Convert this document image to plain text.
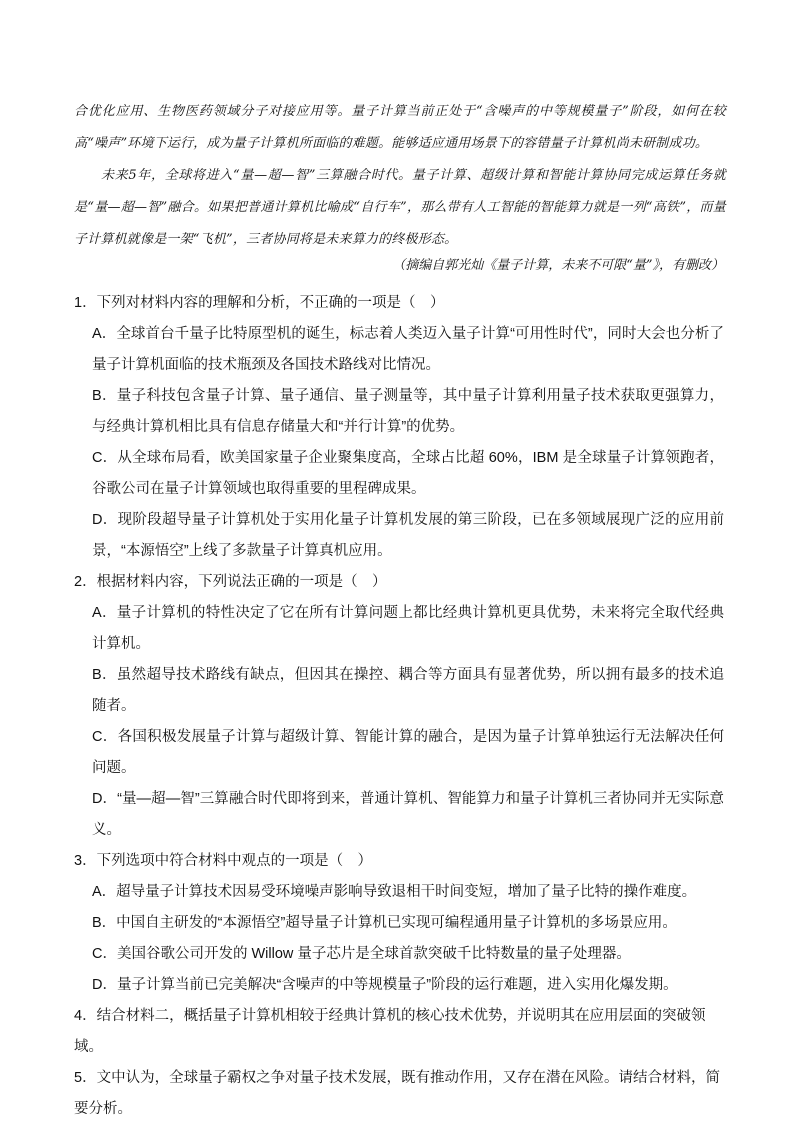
合优化应用、生物医药领域分子对接应用等。量子计算当前正处于“含噪声的中等规模量子”阶段，如何在较高“噪声”环境下运行，成为量子计算机所面临的难题。能够适应通用场景下的容错量子计算机尚未研制成功。

未来5年，全球将进入“量—超—智”三算融合时代。量子计算、超级计算和智能计算协同完成运算任务就是“量—超—智”融合。如果把普通计算机比喻成“自行车”，那么带有人工智能的智能算力就是一列“高铁”，而量子计算机就像是一架“飞机”，三者协同将是未来算力的终极形态。

（摘编自郭光灿《量子计算，未来不可限“量”》，有删改）

1．下列对材料内容的理解和分析，不正确的一项是（　）

A．全球首台千量子比特原型机的诞生，标志着人类迈入量子计算“可用性时代”，同时大会也分析了量子计算机面临的技术瓶颈及各国技术路线对比情况。

B．量子科技包含量子计算、量子通信、量子测量等，其中量子计算利用量子技术获取更强算力，与经典计算机相比具有信息存储量大和“并行计算”的优势。

C．从全球布局看，欧美国家量子企业聚集度高，全球占比超 60%，IBM 是全球量子计算领跑者，谷歌公司在量子计算领域也取得重要的里程碑成果。

D．现阶段超导量子计算机处于实用化量子计算机发展的第三阶段，已在多领域展现广泛的应用前景，“本源悟空”上线了多款量子计算真机应用。

2．根据材料内容，下列说法正确的一项是（　）

A．量子计算机的特性决定了它在所有计算问题上都比经典计算机更具优势，未来将完全取代经典计算机。

B．虽然超导技术路线有缺点，但因其在操控、耦合等方面具有显著优势，所以拥有最多的技术追随者。

C．各国积极发展量子计算与超级计算、智能计算的融合，是因为量子计算单独运行无法解决任何问题。

D．“量—超—智”三算融合时代即将到来，普通计算机、智能算力和量子计算机三者协同并无实际意义。

3．下列选项中符合材料中观点的一项是（　）

A．超导量子计算技术因易受环境噪声影响导致退相干时间变短，增加了量子比特的操作难度。

B．中国自主研发的“本源悟空”超导量子计算机已实现可编程通用量子计算机的多场景应用。

C．美国谷歌公司开发的 Willow 量子芯片是全球首款突破千比特数量的量子处理器。

D．量子计算当前已完美解决“含噪声的中等规模量子”阶段的运行难题，进入实用化爆发期。

4．结合材料二，概括量子计算机相较于经典计算机的核心技术优势，并说明其在应用层面的突破领域。

5．文中认为，全球量子霸权之争对量子技术发展，既有推动作用，又存在潜在风险。请结合材料，简要分析。
